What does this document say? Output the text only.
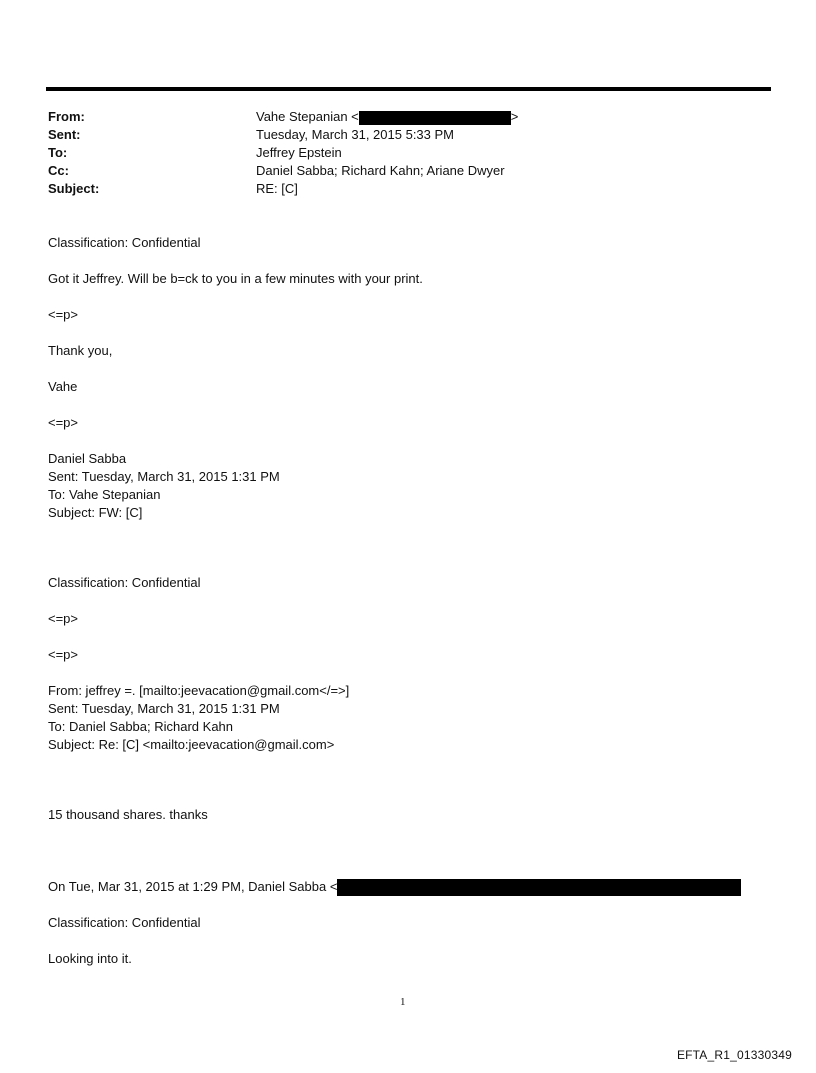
From:	Vahe Stepanian <	>
Sent:	Tuesday, March 31, 2015 5:33 PM
To:	Jeffrey Epstein
Cc:	Daniel Sabba; Richard Kahn; Ariane Dwyer
Subject:	RE: [C]
Classification: Confidential
Got it Jeffrey. Will be b=ck to you in a few minutes with your print.
<=p>
Thank you,
Vahe
<=p>
Daniel Sabba
Sent: Tuesday, March 31, 2015 1:31 PM
To: Vahe Stepanian
Subject: FW: [C]
Classification: Confidential
<=p>
<=p>
From: jeffrey =. [mailto:jeevacation@gmail.com</=>]
Sent: Tuesday, March 31, 2015 1:31 PM
To: Daniel Sabba; Richard Kahn
Subject: Re: [C] <mailto:jeevacation@gmail.com>
15 thousand shares. thanks
On Tue, Mar 31, 2015 at 1:29 PM, Daniel Sabba <
Classification: Confidential
Looking into it.
1
EFTA_R1_01330349
